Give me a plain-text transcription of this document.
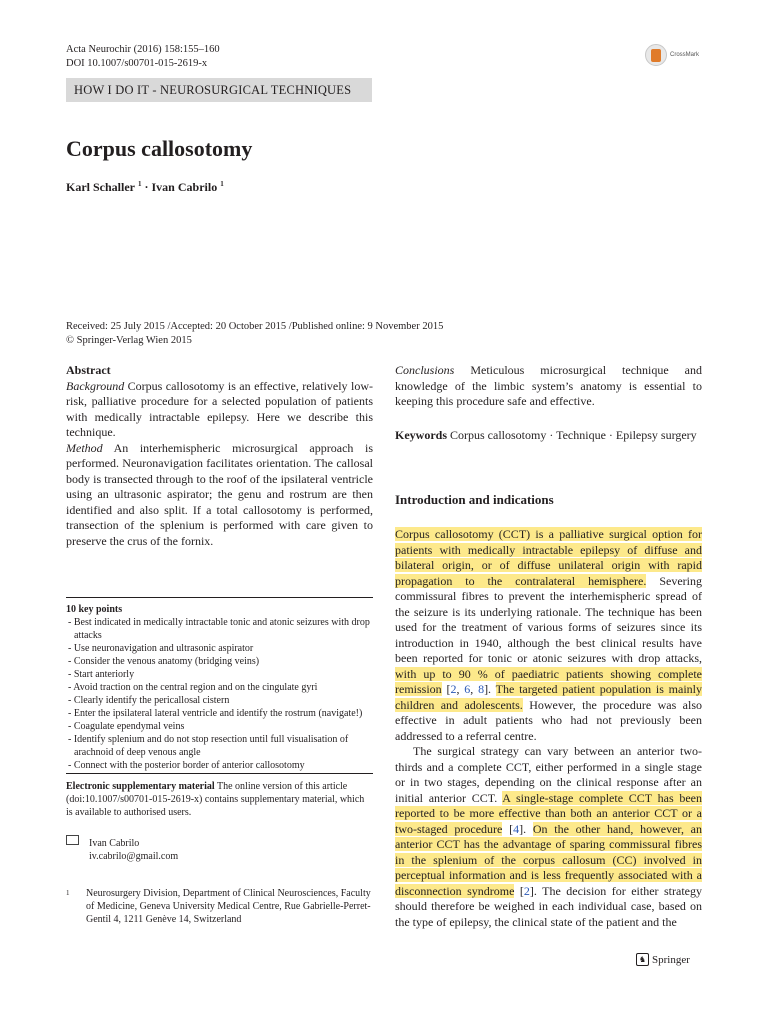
Acta Neurochir (2016) 158:155–160
DOI 10.1007/s00701-015-2619-x
CrossMark
HOW I DO IT - NEUROSURGICAL TECHNIQUES
Corpus callosotomy
Karl Schaller $^1$ · Ivan Cabrilo $^1$
Received: 25 July 2015 /Accepted: 20 October 2015 /Published online: 9 November 2015
© Springer-Verlag Wien 2015

Abstract

Background Corpus callosotomy is an effective, relatively low-risk, palliative procedure for a selected population of patients with medically intractable epilepsy. Here we describe this technique.

Method An interhemispheric microsurgical approach is performed. Neuronavigation facilitates orientation. The callosal body is transected through to the roof of the ipsilateral ventricle using an ultrasonic aspirator; the genu and rostrum are then identified and also split. If a total callosotomy is performed, transection of the splenium is performed with care given to preserve the crus of the fornix.

10 key points
- Best indicated in medically intractable tonic and atonic seizures with drop attacks
- Use neuronavigation and ultrasonic aspirator
- Consider the venous anatomy (bridging veins)
- Start anteriorly
- Avoid traction on the central region and on the cingulate gyri
- Clearly identify the pericallosal cistern
- Enter the ipsilateral lateral ventricle and identify the rostrum (navigate!)
- Coagulate ependymal veins
- Identify splenium and do not stop resection until full visualisation of arachnoid of deep venous angle
- Connect with the posterior border of anterior callosotomy
Electronic supplementary material The online version of this article (doi:10.1007/s00701-015-2619-x) contains supplementary material, which is available to authorised users.
Ivan Cabrilo
iv.cabrilo@gmail.com
1	Neurosurgery Division, Department of Clinical Neurosciences, Faculty of Medicine, Geneva University Medical Centre, Rue Gabrielle-Perret-Gentil 4, 1211 Genève 14, Switzerland

Conclusions Meticulous microsurgical technique and knowledge of the limbic system’s anatomy is essential to keeping this procedure safe and effective.

Keywords Corpus callosotomy · Technique · Epilepsy surgery
Introduction and indications

Corpus callosotomy (CCT) is a palliative surgical option for patients with medically intractable epilepsy of diffuse and bilateral origin, or of diffuse unilateral origin with rapid propagation to the contralateral hemisphere. Severing commissural fibres to prevent the interhemispheric spread of the seizure is its underlying rationale. The technique has been used for the treatment of various forms of seizures since its introduction in 1940, although the best clinical results have been reported for tonic or atonic seizures with drop attacks, with up to 90 % of paediatric patients showing complete remission [2, 6, 8]. The targeted patient population is mainly children and adolescents. However, the procedure was also effective in adult patients who had not previously been addressed to a referral centre.

The surgical strategy can vary between an anterior two-thirds and a complete CCT, either performed in a single stage or in two stages, depending on the clinical response after an initial anterior CCT. A single-stage complete CCT has been reported to be more effective than both an anterior CCT or a two-staged procedure [4]. On the other hand, however, an anterior CCT has the advantage of sparing commissural fibres in the splenium of the corpus callosum (CC) involved in perceptual information and is less frequently associated with a disconnection syndrome [2]. The decision for either strategy should therefore be weighed in each individual case, based on the type of epilepsy, the clinical state of the patient and the

♞ Springer
